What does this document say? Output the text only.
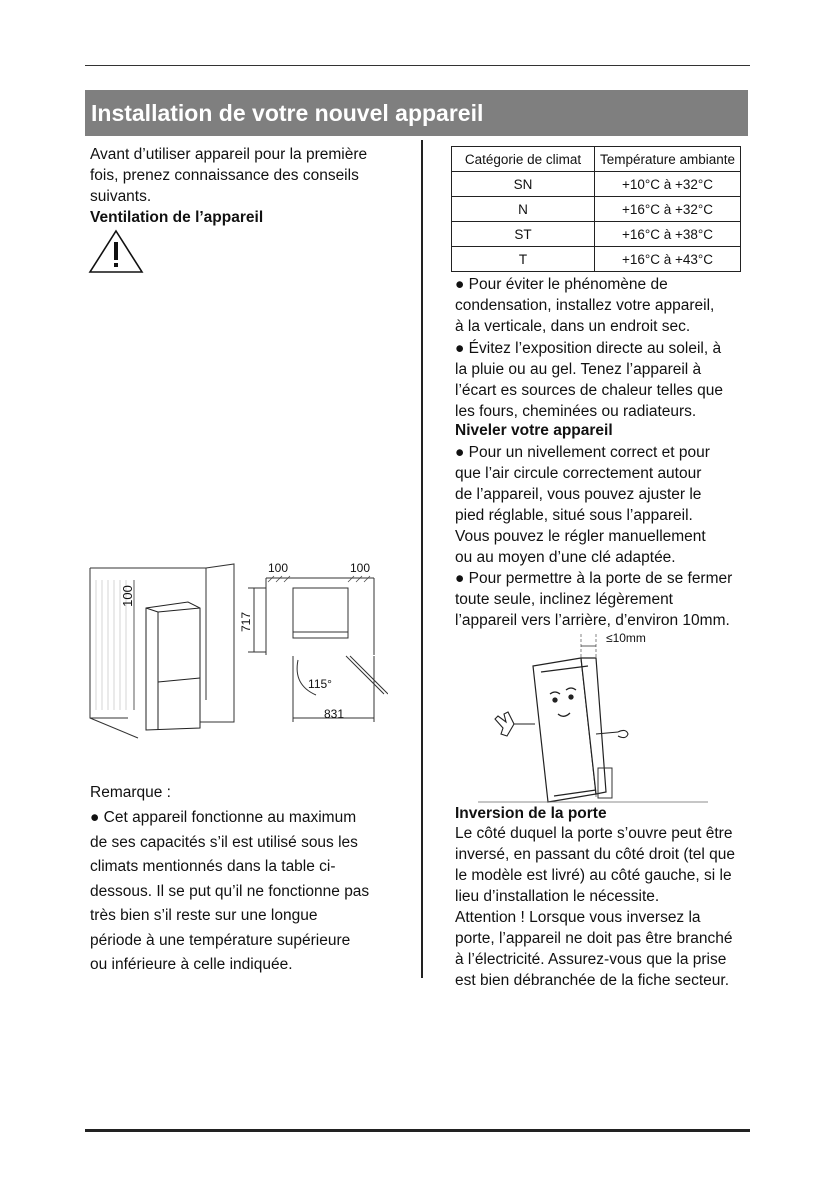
Installation de votre nouvel appareil
Avant d’utiliser appareil pour la première
fois, prenez connaissance des conseils
suivants.
Ventilation de l’appareil
100
100	100
717
115°
831
Remarque :
● Cet appareil fonctionne au maximum
de ses capacités s’il est utilisé sous les
climats mentionnés dans la table ci-
dessous. Il se put qu’il ne fonctionne pas
très bien s’il reste sur une longue
période à une température supérieure
ou inférieure à celle indiquée.
Catégorie de climat	Température ambiante
SN	+10°C à +32°C
N	+16°C à +32°C
ST	+16°C à +38°C
T	+16°C à +43°C
● Pour éviter le phénomène de
condensation, installez votre appareil,
à la verticale, dans un endroit sec.
● Évitez l’exposition directe au soleil, à
la pluie ou au gel. Tenez l’appareil à
l’écart es sources de chaleur telles que
les fours, cheminées ou radiateurs.
Niveler votre appareil
● Pour un nivellement correct et pour
que l’air circule correctement autour
de l’appareil, vous pouvez ajuster le
pied réglable, situé sous l’appareil.
Vous pouvez le régler manuellement
ou au moyen d’une clé adaptée.
● Pour permettre à la porte de se fermer
toute seule, inclinez légèrement
l’appareil vers l’arrière, d’environ 10mm.
≤10mm
Inversion de la porte
Le côté duquel la porte s’ouvre peut être
inversé, en passant du côté droit (tel que
le modèle est livré) au côté gauche, si le
lieu d’installation le nécessite.
Attention ! Lorsque vous inversez la
porte, l’appareil ne doit pas être branché
à l’électricité. Assurez-vous que la prise
est bien débranchée de la fiche secteur.
